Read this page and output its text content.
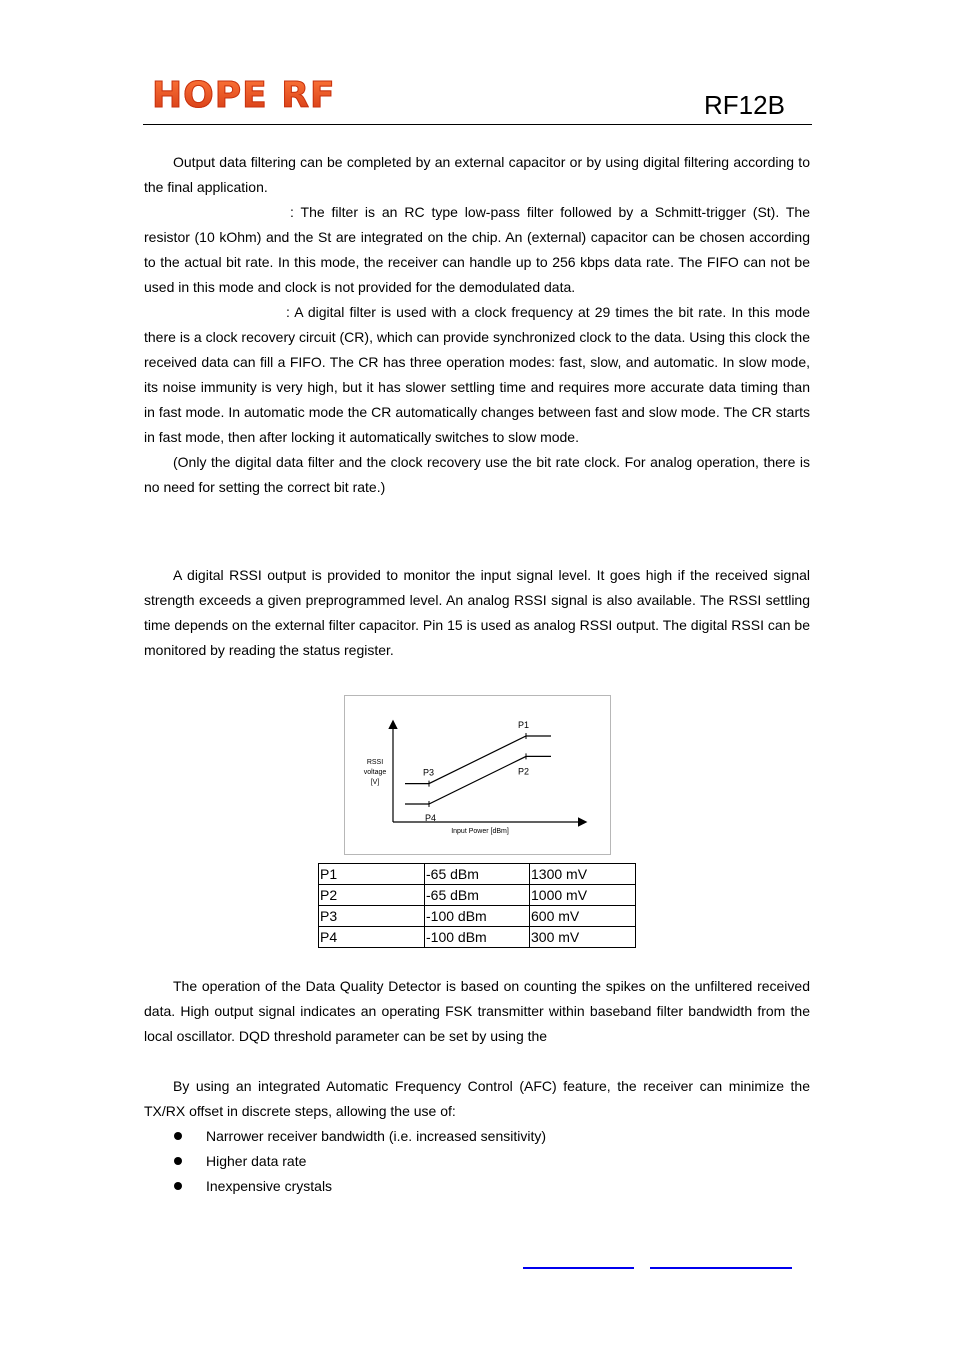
HOPE RF	RF12B

Output data filtering can be completed by an external capacitor or by using digital filtering according to the final application.

: The filter is an RC type low-pass filter followed by a Schmitt-trigger (St). The resistor (10 kOhm) and the St are integrated on the chip. An (external) capacitor can be chosen according to the actual bit rate. In this mode, the receiver can handle up to 256 kbps data rate. The FIFO can not be used in this mode and clock is not provided for the demodulated data.

: A digital filter is used with a clock frequency at 29 times the bit rate. In this mode there is a clock recovery circuit (CR), which can provide synchronized clock to the data. Using this clock the received data can fill a FIFO. The CR has three operation modes: fast, slow, and automatic. In slow mode, its noise immunity is very high, but it has slower settling time and requires more accurate data timing than in fast mode. In automatic mode the CR automatically changes between fast and slow mode. The CR starts in fast mode, then after locking it automatically switches to slow mode.

(Only the digital data filter and the clock recovery use the bit rate clock. For analog operation, there is no need for setting the correct bit rate.)

A digital RSSI output is provided to monitor the input signal level. It goes high if the received signal strength exceeds a given preprogrammed level. An analog RSSI signal is also available. The RSSI settling time depends on the external filter capacitor. Pin 15 is used as analog RSSI output. The digital RSSI can be monitored by reading the status register.

P3
P1
P4
P2
RSSI
voltage
[V]
Input Power [dBm]
P1	-65 dBm	1300 mV
P2	-65 dBm	1000 mV
P3	-100 dBm	600 mV
P4	-100 dBm	300 mV

The operation of the Data Quality Detector is based on counting the spikes on the unfiltered received data. High output signal indicates an operating FSK transmitter within baseband filter bandwidth from the local oscillator. DQD threshold parameter can be set by using the

By using an integrated Automatic Frequency Control (AFC) feature, the receiver can minimize the TX/RX offset in discrete steps, allowing the use of:

Narrower receiver bandwidth (i.e. increased sensitivity)
Higher data rate
Inexpensive crystals
